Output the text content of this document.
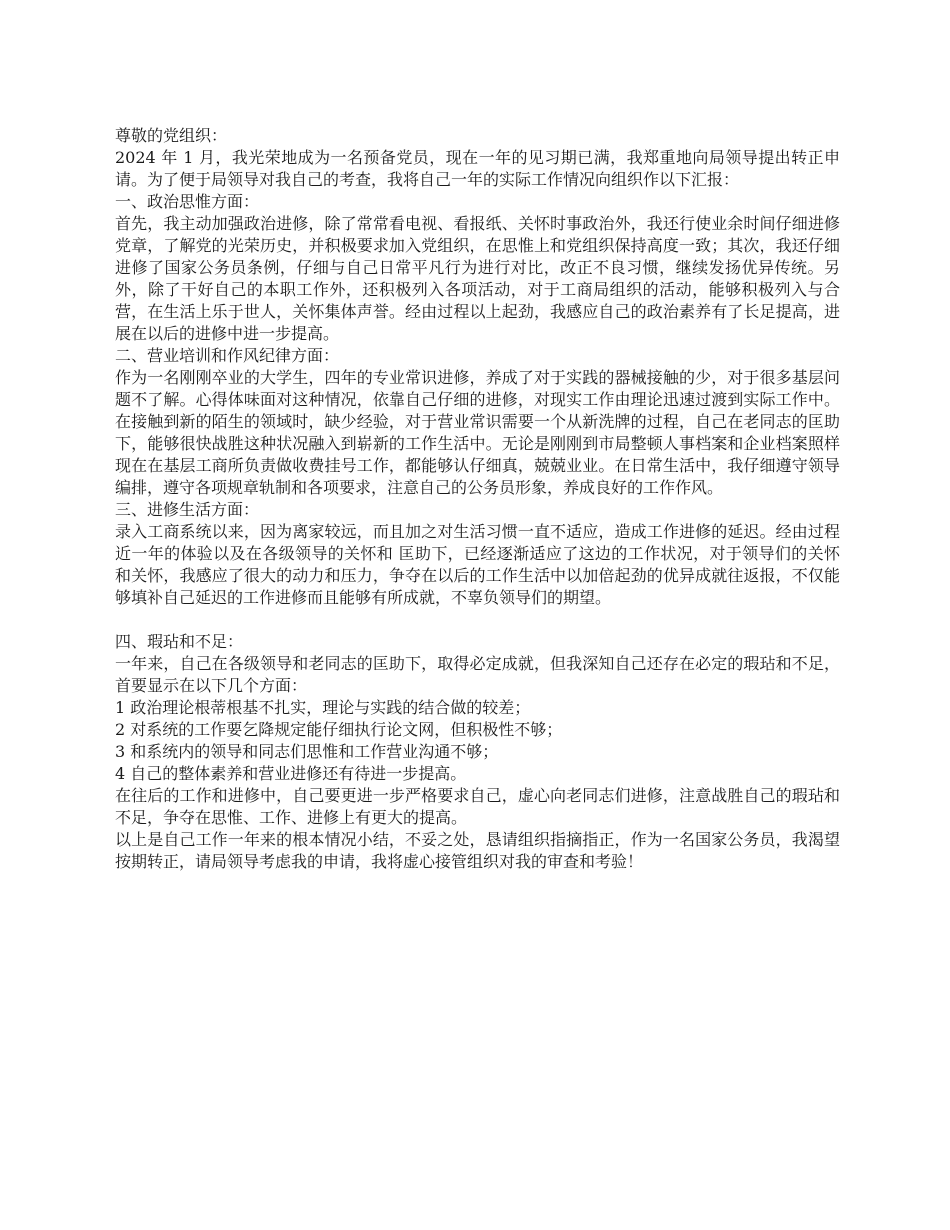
尊敬的党组织：

2024 年 1 月，我光荣地成为一名预备党员，现在一年的见习期已满，我郑重地向局领导提出转正申请。为了便于局领导对我自己的考查，我将自己一年的实际工作情况向组织作以下汇报：

一、政治思惟方面：

首先，我主动加强政治进修，除了常常看电视、看报纸、关怀时事政治外，我还行使业余时间仔细进修党章，了解党的光荣历史，并积极要求加入党组织，在思惟上和党组织保持高度一致；其次，我还仔细进修了国家公务员条例，仔细与自己日常平凡行为进行对比，改正不良习惯，继续发扬优异传统。另外，除了干好自己的本职工作外，还积极列入各项活动，对于工商局组织的活动，能够积极列入与合营，在生活上乐于世人，关怀集体声誉。经由过程以上起劲，我感应自己的政治素养有了长足提高，进展在以后的进修中进一步提高。

二、营业培训和作风纪律方面：

作为一名刚刚卒业的大学生，四年的专业常识进修，养成了对于实践的器械接触的少，对于很多基层问题不了解。心得体味面对这种情况，依靠自己仔细的进修，对现实工作由理论迅速过渡到实际工作中。在接触到新的陌生的领域时，缺少经验，对于营业常识需要一个从新洗牌的过程，自己在老同志的匡助下，能够很快战胜这种状况融入到崭新的工作生活中。无论是刚刚到市局整顿人事档案和企业档案照样现在在基层工商所负责做收费挂号工作，都能够认仔细真，兢兢业业。在日常生活中，我仔细遵守领导编排，遵守各项规章轨制和各项要求，注意自己的公务员形象，养成良好的工作作风。

三、进修生活方面：

录入工商系统以来，因为离家较远，而且加之对生活习惯一直不适应，造成工作进修的延迟。经由过程近一年的体验以及在各级领导的关怀和 匡助下，已经逐渐适应了这边的工作状况，对于领导们的关怀和关怀，我感应了很大的动力和压力，争夺在以后的工作生活中以加倍起劲的优异成就往返报，不仅能够填补自己延迟的工作进修而且能够有所成就，不辜负领导们的期望。

四、瑕玷和不足：

一年来，自己在各级领导和老同志的匡助下，取得必定成就，但我深知自己还存在必定的瑕玷和不足，首要显示在以下几个方面：

1 政治理论根蒂根基不扎实，理论与实践的结合做的较差；

2 对系统的工作要乞降规定能仔细执行论文网，但积极性不够；

3 和系统内的领导和同志们思惟和工作营业沟通不够；

4 自己的整体素养和营业进修还有待进一步提高。

在往后的工作和进修中，自己要更进一步严格要求自己，虚心向老同志们进修，注意战胜自己的瑕玷和不足，争夺在思惟、工作、进修上有更大的提高。

以上是自己工作一年来的根本情况小结，不妥之处，恳请组织指摘指正，作为一名国家公务员，我渴望按期转正，请局领导考虑我的申请，我将虚心接管组织对我的审查和考验！
